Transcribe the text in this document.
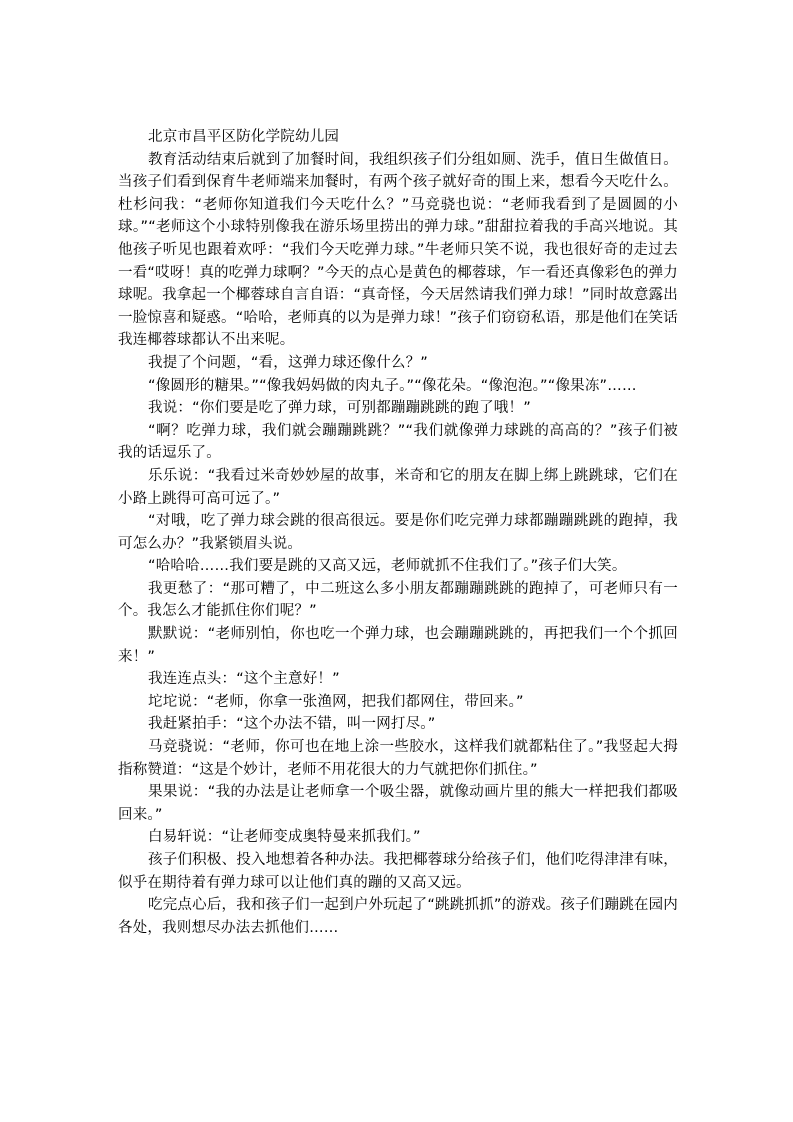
北京市昌平区防化学院幼儿园

教育活动结束后就到了加餐时间，我组织孩子们分组如厕、洗手，值日生做值日。当孩子们看到保育牛老师端来加餐时，有两个孩子就好奇的围上来，想看今天吃什么。杜杉问我：“老师你知道我们今天吃什么？”马竞骁也说：“老师我看到了是圆圆的小球。”“老师这个小球特别像我在游乐场里捞出的弹力球。”甜甜拉着我的手高兴地说。其他孩子听见也跟着欢呼：“我们今天吃弹力球。”牛老师只笑不说，我也很好奇的走过去一看“哎呀！真的吃弹力球啊？”今天的点心是黄色的椰蓉球，乍一看还真像彩色的弹力球呢。我拿起一个椰蓉球自言自语：“真奇怪，今天居然请我们弹力球！”同时故意露出一脸惊喜和疑惑。“哈哈，老师真的以为是弹力球！”孩子们窃窃私语，那是他们在笑话我连椰蓉球都认不出来呢。

我提了个问题，“看，这弹力球还像什么？”

“像圆形的糖果。”“像我妈妈做的肉丸子。”“像花朵。“像泡泡。”“像果冻”……

我说：“你们要是吃了弹力球，可别都蹦蹦跳跳的跑了哦！”

“啊？吃弹力球，我们就会蹦蹦跳跳？”“我们就像弹力球跳的高高的？”孩子们被我的话逗乐了。

乐乐说：“我看过米奇妙妙屋的故事，米奇和它的朋友在脚上绑上跳跳球，它们在小路上跳得可高可远了。”

“对哦，吃了弹力球会跳的很高很远。要是你们吃完弹力球都蹦蹦跳跳的跑掉，我可怎么办？”我紧锁眉头说。

“哈哈哈……我们要是跳的又高又远，老师就抓不住我们了。”孩子们大笑。

我更愁了：“那可糟了，中二班这么多小朋友都蹦蹦跳跳的跑掉了，可老师只有一个。我怎么才能抓住你们呢？”

默默说：“老师别怕，你也吃一个弹力球，也会蹦蹦跳跳的，再把我们一个个抓回来！”

我连连点头：“这个主意好！”

坨坨说：“老师，你拿一张渔网，把我们都网住，带回来。”

我赶紧拍手：“这个办法不错，叫一网打尽。”

马竞骁说：“老师，你可也在地上涂一些胶水，这样我们就都粘住了。”我竖起大拇指称赞道：“这是个妙计，老师不用花很大的力气就把你们抓住。”

果果说：“我的办法是让老师拿一个吸尘器，就像动画片里的熊大一样把我们都吸回来。”

白易轩说：“让老师变成奥特曼来抓我们。”

孩子们积极、投入地想着各种办法。我把椰蓉球分给孩子们，他们吃得津津有味，似乎在期待着有弹力球可以让他们真的蹦的又高又远。

吃完点心后，我和孩子们一起到户外玩起了“跳跳抓抓”的游戏。孩子们蹦跳在园内各处，我则想尽办法去抓他们……
